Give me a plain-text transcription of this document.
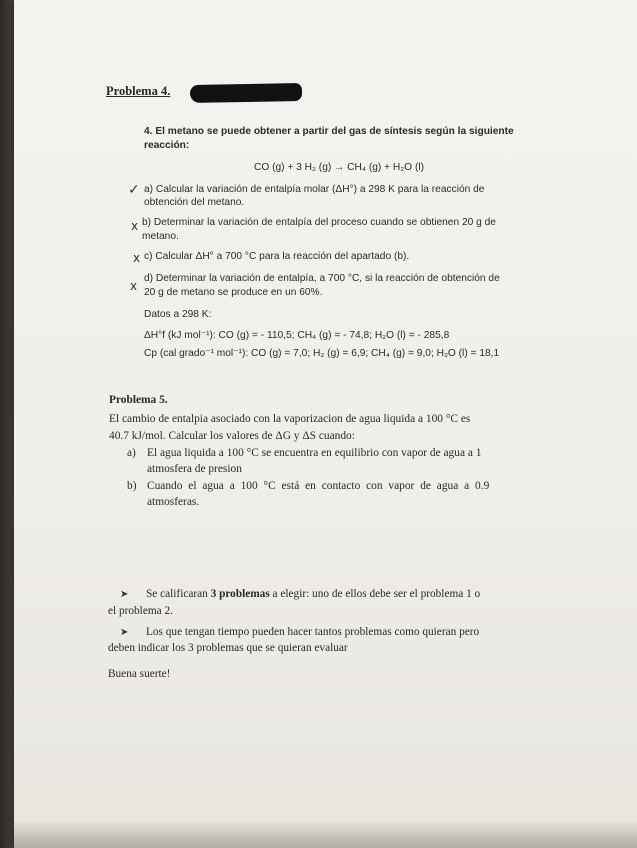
Problema 4.
4. El metano se puede obtener a partir del gas de síntesis según la siguiente
reacción:
CO (g) + 3 H₂ (g) → CH₄ (g) + H₂O (l)
✓ a) Calcular la variación de entalpía molar (ΔH°) a 298 K para la reacción de
obtención del metano.
x b) Determinar la variación de entalpía del proceso cuando se obtienen 20 g de
metano.
x c) Calcular ΔH° a 700 °C para la reacción del apartado (b).
x
d) Determinar la variación de entalpía, a 700 °C, si la reacción de obtención de
20 g de metano se produce en un 60%.
Datos a 298 K:
ΔH°f (kJ mol⁻¹): CO (g) = - 110,5; CH₄ (g) = - 74,8; H₂O (l) = - 285,8
Cp (cal grado⁻¹ mol⁻¹): CO (g) = 7,0; H₂ (g) = 6,9; CH₄ (g) = 9,0; H₂O (l) = 18,1
Problema 5.
El cambio de entalpia asociado con la vaporizacion de agua liquida a 100 °C es
40.7 kJ/mol. Calcular los valores de ΔG y ΔS cuando:
a) El agua liquida a 100 °C se encuentra en equilibrio con vapor de agua a 1
atmosfera de presion
b) Cuando el agua a 100 °C está en contacto con vapor de agua a 0.9
atmosferas.
➤ Se calificaran 3 problemas a elegir: uno de ellos debe ser el problema 1 o
el problema 2.
➤ Los que tengan tiempo pueden hacer tantos problemas como quieran pero
deben indicar los 3 problemas que se quieran evaluar
Buena suerte!
